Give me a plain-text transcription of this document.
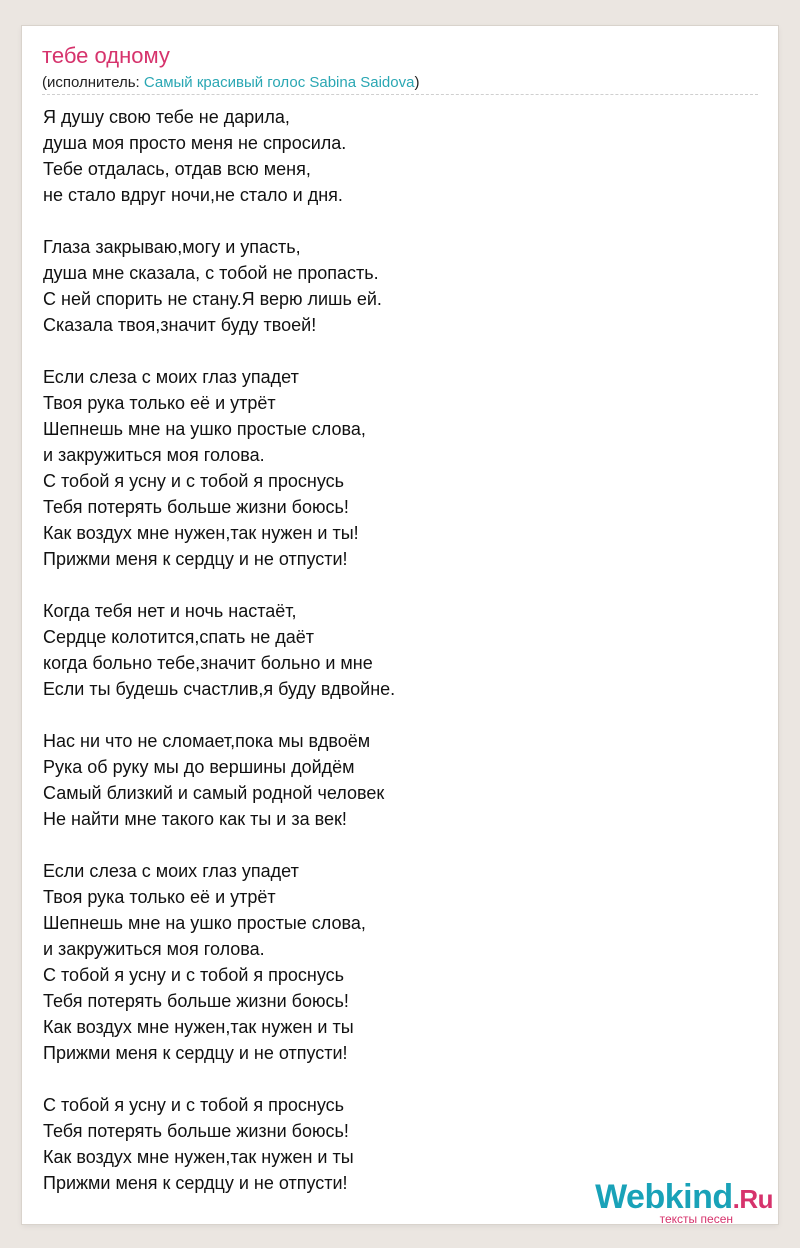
тебе одному
(исполнитель: Самый красивый голос Sabina Saidova)
Я душу свою тебе не дарила,
душа моя просто меня не спросила.
Тебе отдалась, отдав всю меня,
не стало вдруг ночи,не стало и дня.
Глаза закрываю,могу и упасть,
душа мне сказала, с тобой не пропасть.
С ней спорить не стану.Я верю лишь ей.
Сказала твоя,значит буду твоей!
Если слеза с моих глаз упадет
Твоя рука только её и утрёт
Шепнешь мне на ушко простые слова,
и закружиться моя голова.
С тобой я усну и с тобой я проснусь
Тебя потерять больше жизни боюсь!
Как воздух мне нужен,так нужен и ты!
Прижми меня к сердцу и не отпусти!
Когда тебя нет и ночь настаёт,
Сердце колотится,спать не даёт
когда больно тебе,значит больно и мне
Если ты будешь счастлив,я буду вдвойне.
Нас ни что не сломает,пока мы вдвоём
Рука об руку мы до вершины дойдём
Самый близкий и самый родной человек
Не найти мне такого как ты и за век!
Если слеза с моих глаз упадет
Твоя рука только её и утрёт
Шепнешь мне на ушко простые слова,
и закружиться моя голова.
С тобой я усну и с тобой я проснусь
Тебя потерять больше жизни боюсь!
Как воздух мне нужен,так нужен и ты
Прижми меня к сердцу и не отпусти!
С тобой я усну и с тобой я проснусь
Тебя потерять больше жизни боюсь!
Как воздух мне нужен,так нужен и ты
Прижми меня к сердцу и не отпусти!	Webkind.Ru
тексты песен
